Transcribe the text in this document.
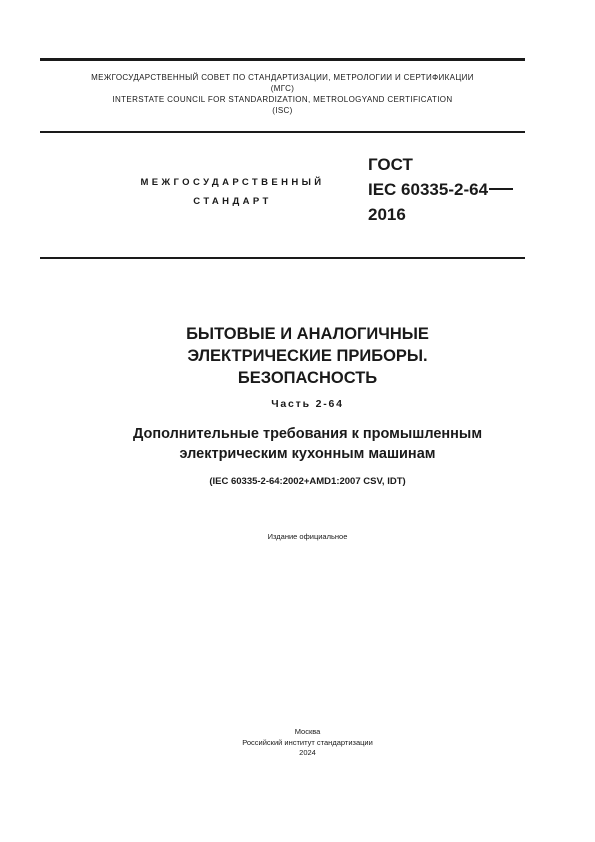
МЕЖГОСУДАРСТВЕННЫЙ СОВЕТ ПО СТАНДАРТИЗАЦИИ, МЕТРОЛОГИИ И СЕРТИФИКАЦИИ
(МГС)
INTERSTATE COUNCIL FOR STANDARDIZATION, METROLOGYAND CERTIFICATION
(ISC)
МЕЖГОСУДАРСТВЕННЫЙ
СТАНДАРТ
ГОСТ
IEC 60335-2-64
2016
БЫТОВЫЕ И АНАЛОГИЧНЫЕ
ЭЛЕКТРИЧЕСКИЕ ПРИБОРЫ.
БЕЗОПАСНОСТЬ
Часть 2-64
Дополнительные требования к промышленным
электрическим кухонным машинам
(IEC 60335-2-64:2002+AMD1:2007 CSV, IDT)
Издание официальное
Москва
Российский институт стандартизации
2024
